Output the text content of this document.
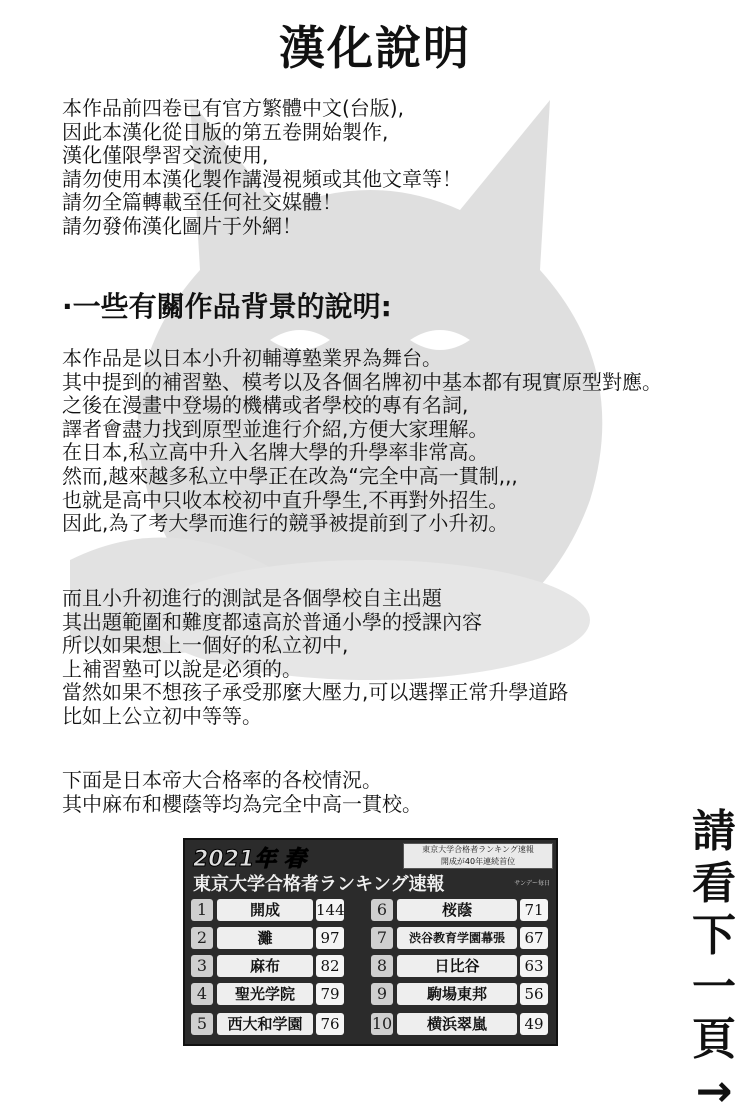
漢化說明
本作品前四卷已有官方繁體中文(台版),
因此本漢化從日版的第五卷開始製作,
漢化僅限學習交流使用,
請勿使用本漢化製作講漫視頻或其他文章等！
請勿全篇轉載至任何社交媒體！
請勿發佈漢化圖片于外網！
·一些有關作品背景的說明:
本作品是以日本小升初輔導塾業界為舞台。
其中提到的補習塾、模考以及各個名牌初中基本都有現實原型對應。
之後在漫畫中登場的機構或者學校的專有名詞,
譯者會盡力找到原型並進行介紹,方便大家理解。
在日本,私立高中升入名牌大學的升學率非常高。
然而,越來越多私立中學正在改為“完全中高一貫制,,,
也就是高中只收本校初中直升學生,不再對外招生。
因此,為了考大學而進行的競爭被提前到了小升初。
而且小升初進行的測試是各個學校自主出題
其出題範圍和難度都遠高於普通小學的授課內容
所以如果想上一個好的私立初中,
上補習塾可以說是必須的。
當然如果不想孩子承受那麼大壓力,可以選擇正常升學道路
比如上公立初中等等。
下面是日本帝大合格率的各校情況。
其中麻布和櫻蔭等均為完全中高一貫校。
請
看
下
一
頁
→
2021年 春
東京大学合格者ランキング速報
東京大学合格者ランキング速報
開成が40年連続首位
サンデー毎日
1	開成	144
2	灘	97
3	麻布	82
4	聖光学院	79
5	西大和学園	76
6	桜蔭	71
7	渋谷教育学園幕張	67
8	日比谷	63
9	駒場東邦	56
10	横浜翠嵐	49
